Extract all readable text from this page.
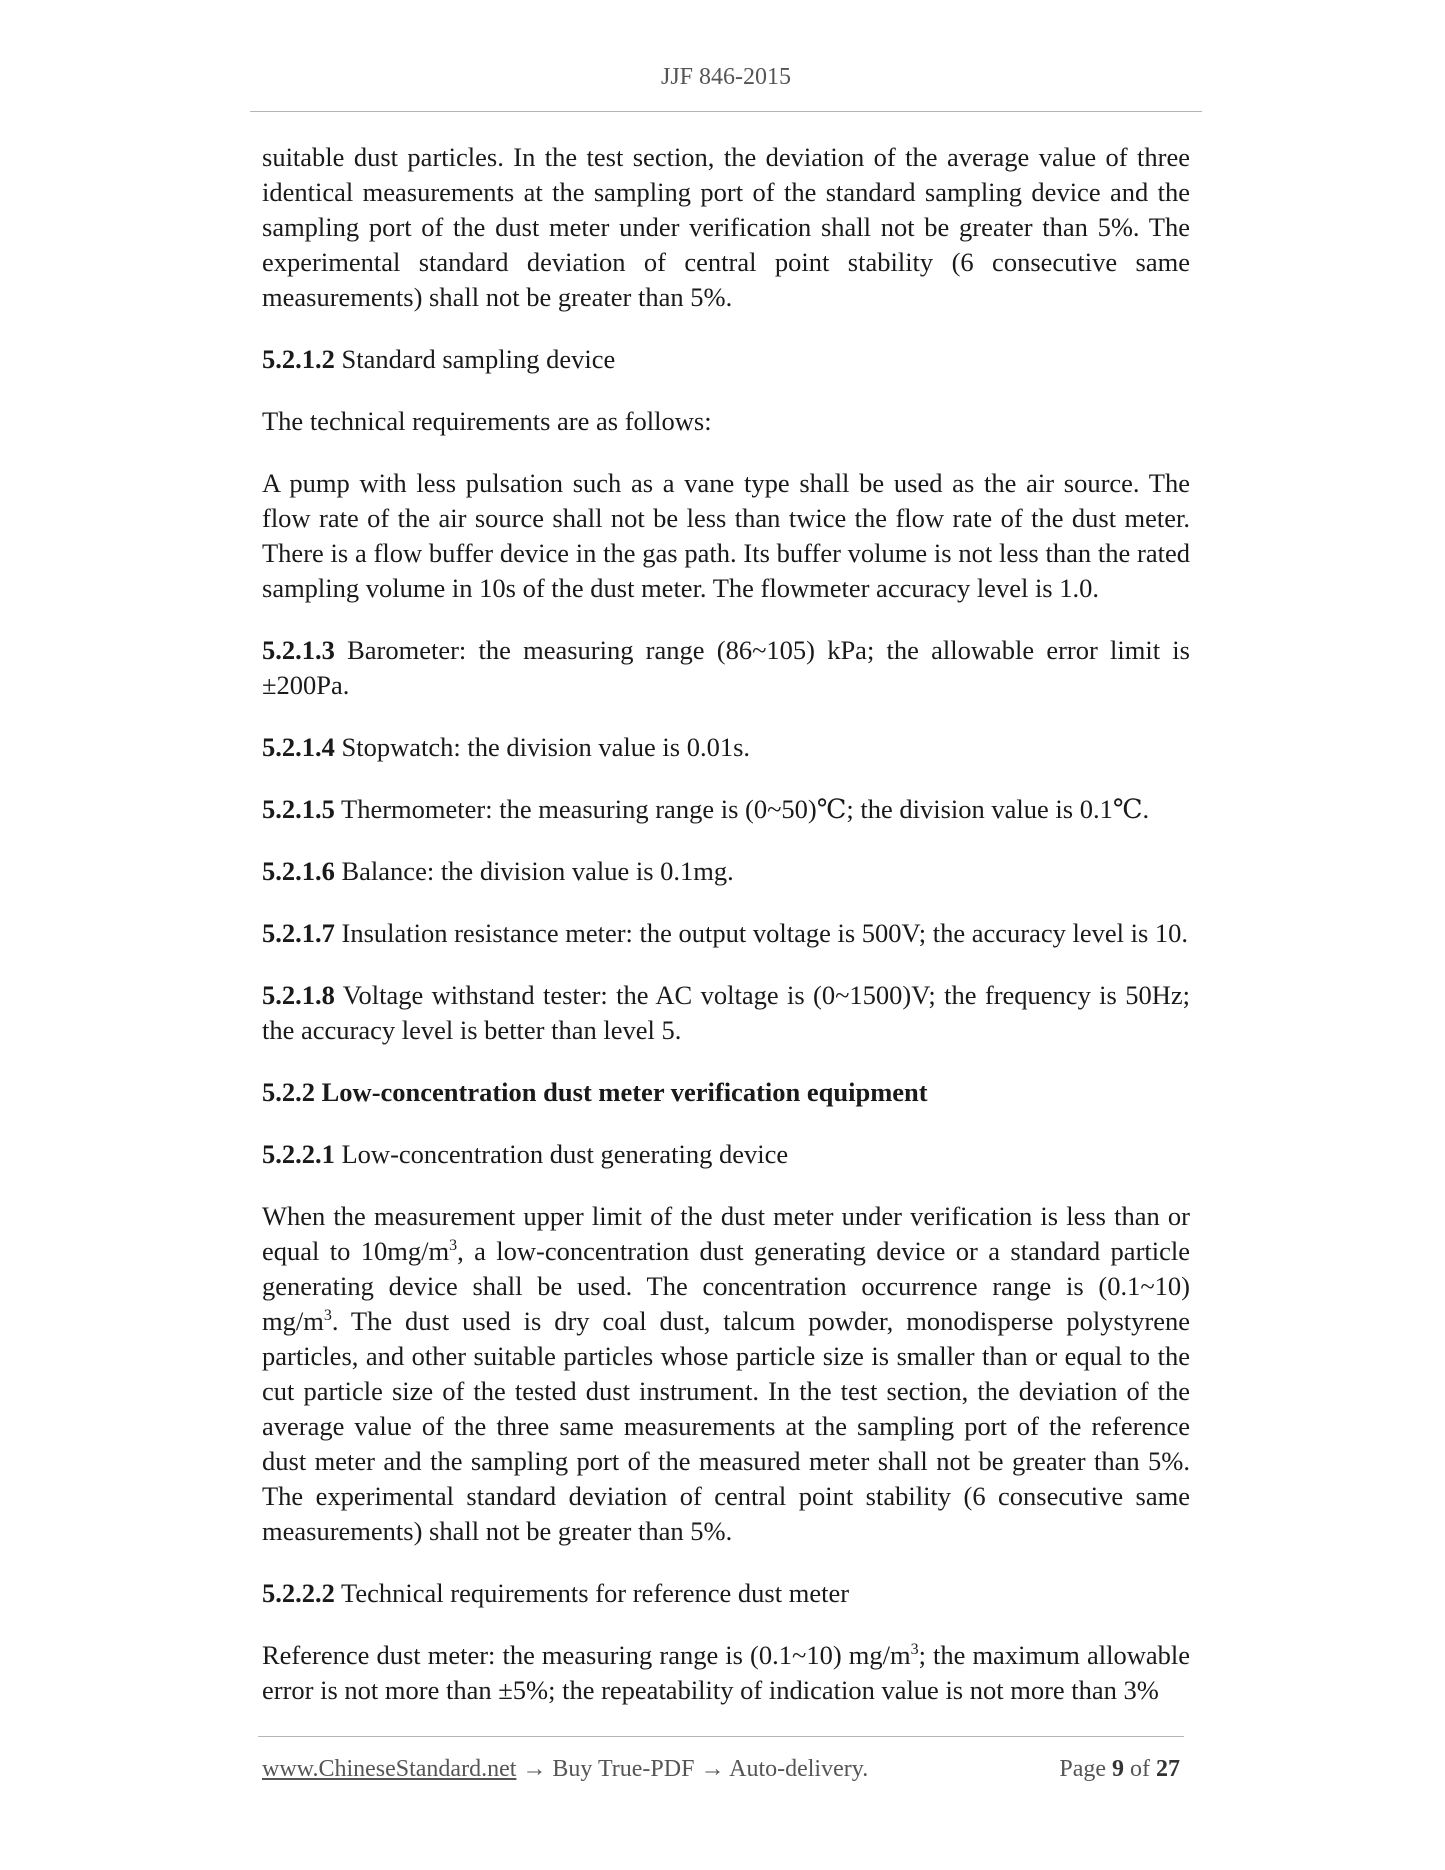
JJF 846-2015

suitable dust particles. In the test section, the deviation of the average value of three identical measurements at the sampling port of the standard sampling device and the sampling port of the dust meter under verification shall not be greater than 5%. The experimental standard deviation of central point stability (6 consecutive same measurements) shall not be greater than 5%.

5.2.1.2 Standard sampling device

The technical requirements are as follows:

A pump with less pulsation such as a vane type shall be used as the air source. The flow rate of the air source shall not be less than twice the flow rate of the dust meter. There is a flow buffer device in the gas path. Its buffer volume is not less than the rated sampling volume in 10s of the dust meter. The flowmeter accuracy level is 1.0.

5.2.1.3 Barometer: the measuring range (86~105) kPa; the allowable error limit is ±200Pa.

5.2.1.4 Stopwatch: the division value is 0.01s.

5.2.1.5 Thermometer: the measuring range is (0~50)℃; the division value is 0.1℃.

5.2.1.6 Balance: the division value is 0.1mg.

5.2.1.7 Insulation resistance meter: the output voltage is 500V; the accuracy level is 10.

5.2.1.8 Voltage withstand tester: the AC voltage is (0~1500)V; the frequency is 50Hz; the accuracy level is better than level 5.

5.2.2 Low-concentration dust meter verification equipment

5.2.2.1 Low-concentration dust generating device

When the measurement upper limit of the dust meter under verification is less than or equal to $10mg/m^3$, a low-concentration dust generating device or a standard particle generating device shall be used. The concentration occurrence range is (0.1~10) $mg/m^3$. The dust used is dry coal dust, talcum powder, monodisperse polystyrene particles, and other suitable particles whose particle size is smaller than or equal to the cut particle size of the tested dust instrument. In the test section, the deviation of the average value of the three same measurements at the sampling port of the reference dust meter and the sampling port of the measured meter shall not be greater than 5%. The experimental standard deviation of central point stability (6 consecutive same measurements) shall not be greater than 5%.

5.2.2.2 Technical requirements for reference dust meter

Reference dust meter: the measuring range is (0.1~10) $mg/m^3$; the maximum allowable error is not more than ±5%; the repeatability of indication value is not more than 3%

www.ChineseStandard.net → Buy True-PDF → Auto-delivery.	Page 9 of 27
